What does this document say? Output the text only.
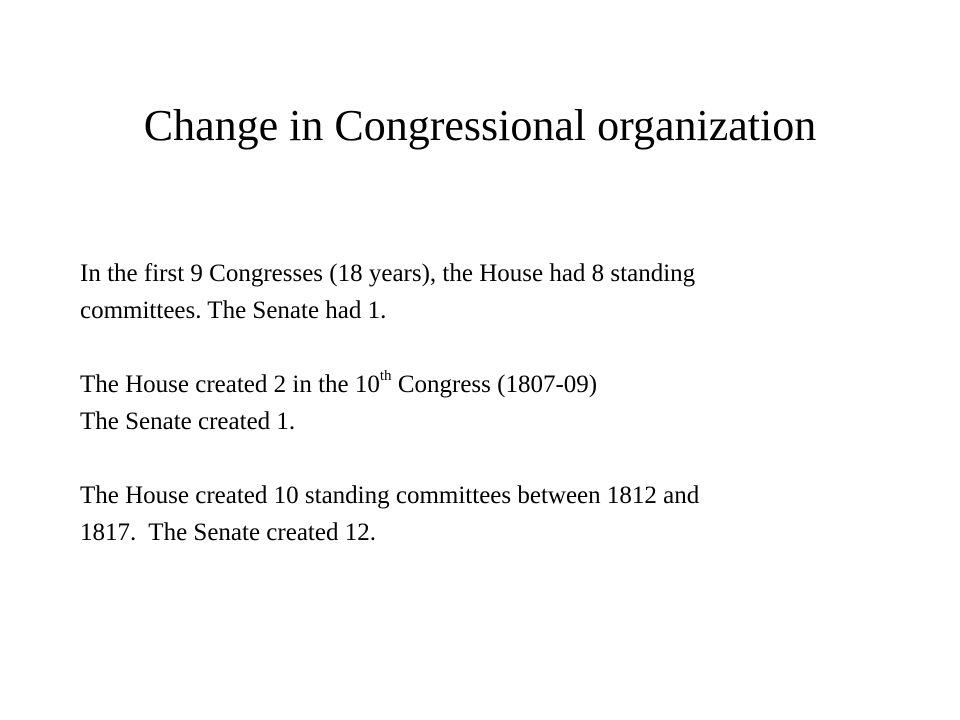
Change in Congressional organization

In the first 9 Congresses (18 years), the House had 8 standing
committees. The Senate had 1.

The House created 2 in the 10th Congress (1807-09)
The Senate created 1.

The House created 10 standing committees between 1812 and
1817.  The Senate created 12.
